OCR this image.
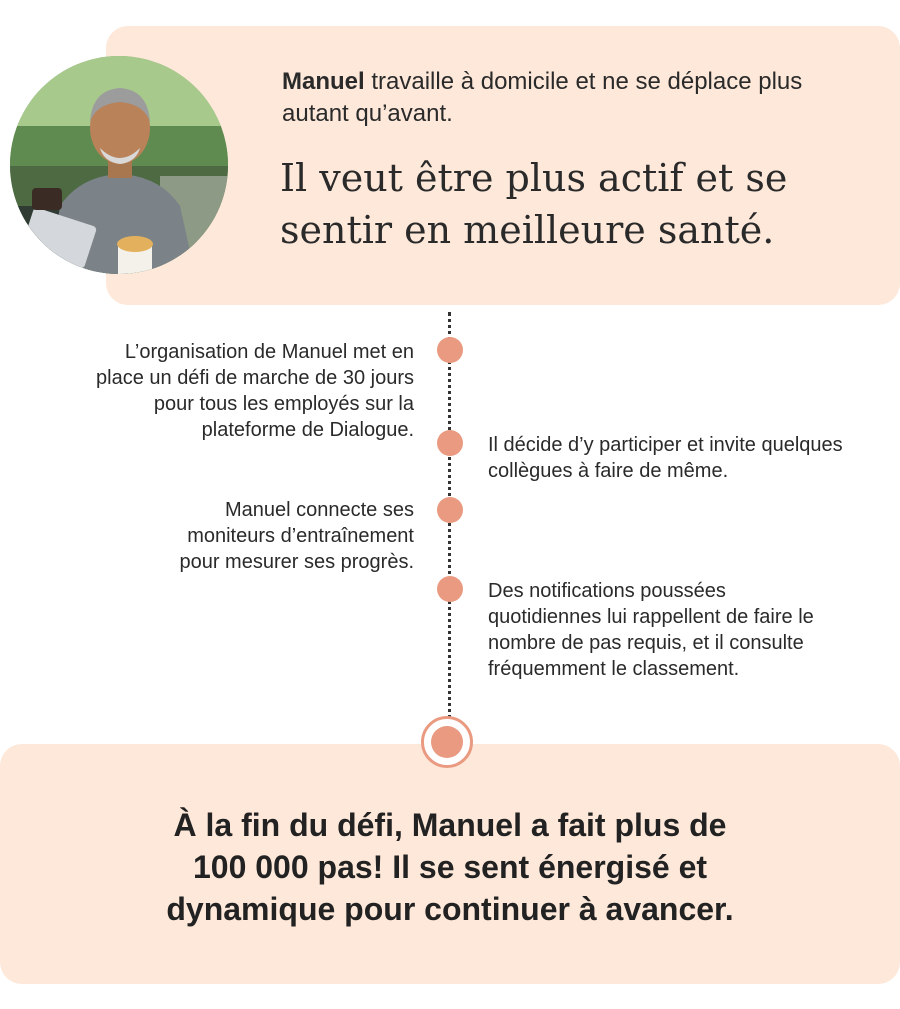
Manuel travaille à domicile et ne se déplace plus autant qu’avant.
Il veut être plus actif et se sentir en meilleure santé.
L’organisation de Manuel met en place un défi de marche de 30 jours pour tous les employés sur la plateforme de Dialogue.
Il décide d’y participer et invite quelques collègues à faire de même.
Manuel connecte ses moniteurs d’entraînement pour mesurer ses progrès.
Des notifications poussées quotidiennes lui rappellent de faire le nombre de pas requis, et il consulte fréquemment le classement.
À la fin du défi, Manuel a fait plus de 100 000 pas! Il se sent énergisé et dynamique pour continuer à avancer.
